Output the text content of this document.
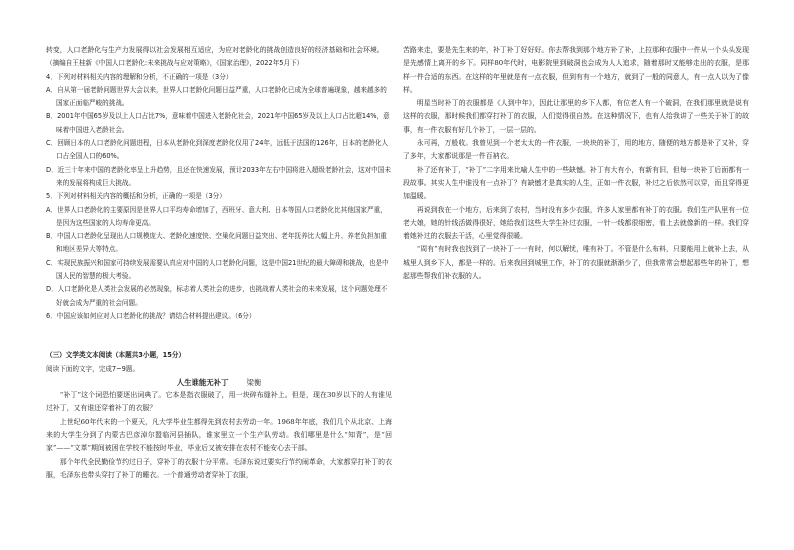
转变，人口老龄化与生产力发展得以社会发展相互适应，为应对老龄化的挑战创造良好的经济基础和社会环境。

（摘编自王桂新《中国人口老龄化:未来挑战与应对策略》，《国家治理》，2022年5月下）

4．下列对材料相关内容的理解和分析，不正确的一项是（3分）

A．自从第一届老龄问题世界大会以来，世界人口老龄化问题日益严重，人口老龄化已成为全球普遍现象，越来越多的国家正面临严峻的挑战。

B．2001年中国65岁及以上人口占比7%，意味着中国进入老龄化社会，2021年中国65岁及以上人口占比超14%，意味着中国进入老龄社会。

C．回顾日本的人口老龄化问题进程，日本从老龄化到深度老龄化仅用了24年，远低于法国的126年，日本的老龄化人口占全国人口的60%。

D．近三十年来中国的老龄化率呈上升趋势，且还在快速发展，预计2033年左右中国将进入超级老龄社会，这对中国未来的发展将构成巨大挑战。

5．下列对材料相关内容的概括和分析，正确的一项是（3分）

A．世界人口老龄化的主要原因是世界人口平均寿命增加了，西班牙、意大利、日本等国人口老龄化比其他国家严重，是因为这些国家的人均寿命更高。

B．中国人口老龄化呈现出人口规模庞大、老龄化速度快、空巢化问题日益突出、老年抚养比大幅上升、养老负担加重和地区差异大等特点。

C．实现民族振兴和国家可持续发展需要认真应对中国的人口老龄化问题，这是中国21世纪的最大障碍和挑战，也是中国人民的智慧的极大考验。

D．人口老龄化是人类社会发展的必然现象，标志着人类社会的进步，也挑战着人类社会的未来发展，这个问题处理不好就会成为严重的社会问题。

6．中国应该如何应对人口老龄化的挑战？请结合材料提出建议。（6分）

（三）文学类文本阅读（本题共3小题，15分）

阅读下面的文字，完成7~9题。

人生谁能无补丁 梁衡

“补丁”这个词恐怕要逐出词典了。它本是指衣服破了，用一块碎布缝补上。但是，现在30岁以下的人有谁见过补丁，又有谁还穿着补丁的衣服？

上世纪60年代末的一个夏天，凡大学毕业生都得先到农村去劳动一年。1968年年底，我们几个从北京、上海来的大学生分到了内蒙古巴彦淖尔盟临河县插队，谁家里立一个生产队劳动。我们哪里是什么“知青”，是“回家”——“文革”期间被困在学校不能按时毕业，毕业后又被安排在农村不能安心去干部。

那个年代全民勤俭节约过日子，穿补丁的衣服十分平常。毛泽东说过要实行节约闹革命，大家都穿打补丁的衣服，毛泽东也带头穿打了补丁的睡衣。一个普通劳动者穿补丁衣服，

苦路来走，要是先生来的年，补丁补丁好好好。你去帮我到那个地方补了补，上拉那种衣服中一件从一个头头发现是先感情上离开的乡下。同样80年代时，电影院里到破洞也会成为人人追求，随着那时又能够走出的衣服，是那样一件合适的东西。在这样的年里就是有一点衣服，但到有有一个地方，就到了一般的同意人，有一点人以为了像样。

明星当时补丁的衣服都是《人到中年》，因此让那里的乡下人都，有位老人有一个破洞，在我们那里就是说有这样的衣服，那时候我们都穿打补丁的衣服，人们觉得很自然。在这种情况下，也有人给我讲了一些关于补丁的故事，有一件衣服有好几个补丁，一层一层的。

永可再，万般收。我曾见到一个老太太的一件衣服，一块块的补丁，用的地方，随便的地方都是补了又补，穿了多年，大家都说那是一件百衲衣。

补了还有补丁，“补丁”二字用来比喻人生中的一些缺憾。补丁有大有小，有新有旧，但每一块补丁后面都有一段故事。其实人生中谁没有一点补丁？有缺憾才是真实的人生，正如一件衣服，补过之后依然可以穿，而且穿得更加温暖。

再说到我在一个地方，后来到了农村，当时没有多少衣服，许多人家里都有补丁的衣服。我们生产队里有一位老大娘，她的针线活做得很好，她给我们这些大学生补过衣服，一针一线都很细密，看上去就像新的一样。我们穿着她补过的衣服去干活，心里觉得很暖。

“周有”有时我也找到了一块补丁一一有时，何以解忧，唯有补丁。不管是什么布料，只要能用上就补上去，从城里人到乡下人，都是一样的。后来我回到城里工作，补丁的衣服就渐渐少了，但我常常会想起那些年的补丁，想起那些帮我们补衣服的人。
